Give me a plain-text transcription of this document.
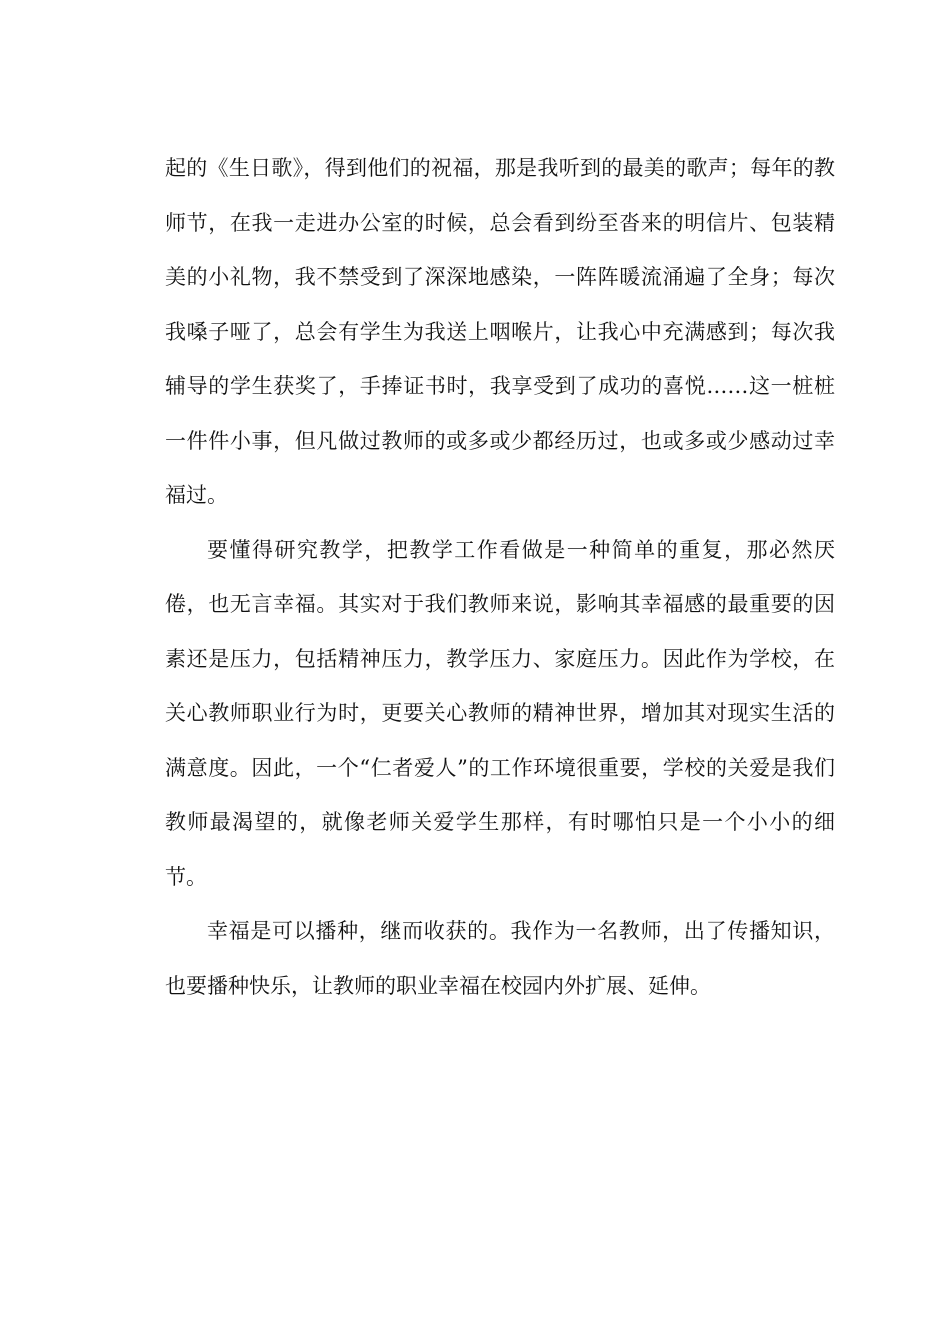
起的《生日歌》，得到他们的祝福，那是我听到的最美的歌声；每年的教师节，在我一走进办公室的时候，总会看到纷至沓来的明信片、包装精美的小礼物，我不禁受到了深深地感染，一阵阵暖流涌遍了全身；每次我嗓子哑了，总会有学生为我送上咽喉片，让我心中充满感到；每次我辅导的学生获奖了，手捧证书时，我享受到了成功的喜悦……这一桩桩一件件小事，但凡做过教师的或多或少都经历过，也或多或少感动过幸福过。

要懂得研究教学，把教学工作看做是一种简单的重复，那必然厌倦，也无言幸福。其实对于我们教师来说，影响其幸福感的最重要的因素还是压力，包括精神压力，教学压力、家庭压力。因此作为学校，在关心教师职业行为时，更要关心教师的精神世界，增加其对现实生活的满意度。因此，一个“仁者爱人”的工作环境很重要，学校的关爱是我们教师最渴望的，就像老师关爱学生那样，有时哪怕只是一个小小的细节。

幸福是可以播种，继而收获的。我作为一名教师，出了传播知识，也要播种快乐，让教师的职业幸福在校园内外扩展、延伸。
